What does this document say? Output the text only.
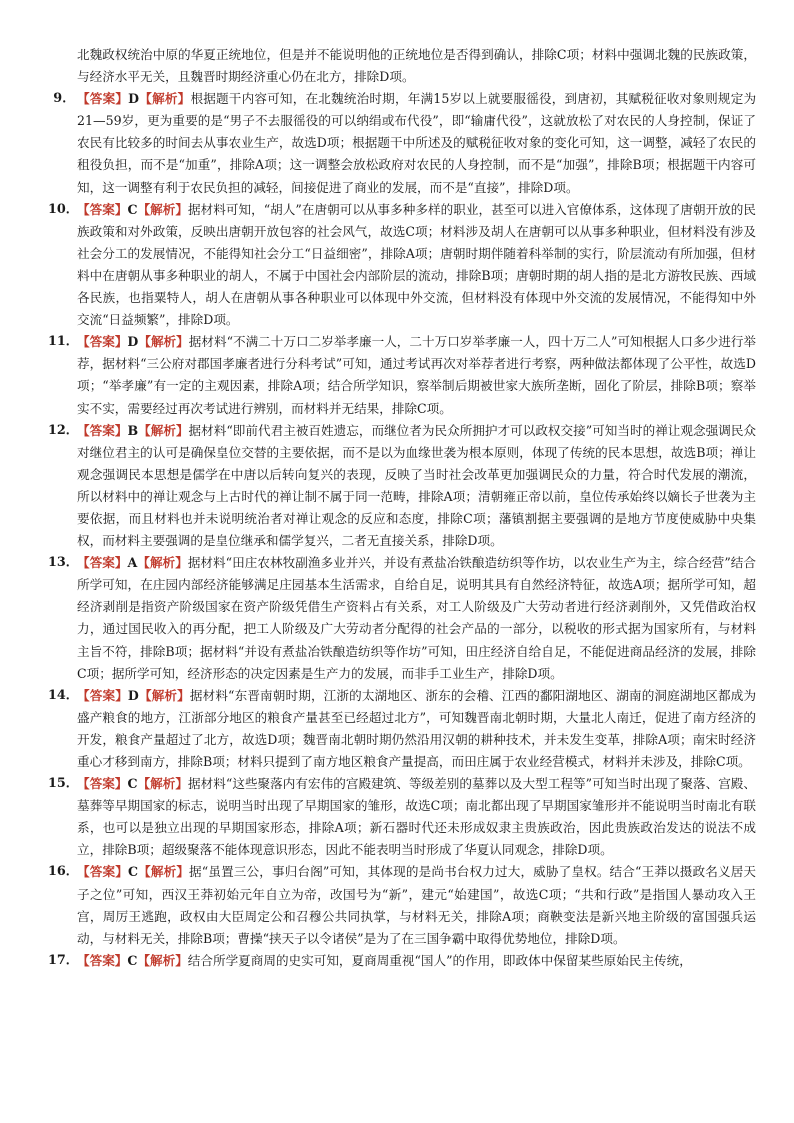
北魏政权统治中原的华夏正统地位，但是并不能说明他的正统地位是否得到确认，排除C项；材料中强调北魏的民族政策，与经济水平无关，且魏晋时期经济重心仍在北方，排除D项。

9． 【答案】D【解析】根据题干内容可知，在北魏统治时期，年满15岁以上就要服徭役，到唐初，其赋税征收对象则规定为21—59岁，更为重要的是“男子不去服徭役的可以纳绢或布代役”，即“输庸代役”，这就放松了对农民的人身控制，保证了农民有比较多的时间去从事农业生产，故选D项；根据题干中所述及的赋税征收对象的变化可知，这一调整，减轻了农民的租役负担，而不是“加重”，排除A项；这一调整会放松政府对农民的人身控制，而不是“加强”，排除B项；根据题干内容可知，这一调整有利于农民负担的减轻，间接促进了商业的发展，而不是“直接”，排除D项。

10．

【答案】C【解析】据材料可知，“胡人”在唐朝可以从事多种多样的职业，甚至可以进入官僚体系，这体现了唐朝开放的民族政策和对外政策，反映出唐朝开放包容的社会风气，故选C项；材料涉及胡人在唐朝可以从事多种职业，但材料没有涉及社会分工的发展情况，不能得知社会分工“日益细密”，排除A项；唐朝时期伴随着科举制的实行，阶层流动有所加强，但材料中在唐朝从事多种职业的胡人，不属于中国社会内部阶层的流动，排除B项；唐朝时期的胡人指的是北方游牧民族、西域各民族，也指粟特人，胡人在唐朝从事各种职业可以体现中外交流，但材料没有体现中外交流的发展情况，不能得知中外交流“日益频繁”，排除D项。

11．

【答案】D【解析】据材料“不满二十万口二岁举孝廉一人，二十万口岁举孝廉一人，四十万二人”可知根据人口多少进行举荐，据材料“三公府对郡国孝廉者进行分科考试”可知，通过考试再次对举荐者进行考察，两种做法都体现了公平性，故选D项；“举孝廉”有一定的主观因素，排除A项；结合所学知识，察举制后期被世家大族所垄断，固化了阶层，排除B项；察举实不实，需要经过再次考试进行辨别，而材料并无结果，排除C项。

12．

【答案】B【解析】据材料“即前代君主被百姓遗忘，而继位者为民众所拥护才可以政权交接”可知当时的禅让观念强调民众对继位君主的认可是确保皇位交替的主要依据，而不是以为血缘世袭为根本原则，体现了传统的民本思想，故选B项；禅让观念强调民本思想是儒学在中唐以后转向复兴的表现，反映了当时社会改革更加强调民众的力量，符合时代发展的潮流，所以材料中的禅让观念与上古时代的禅让制不属于同一范畴，排除A项；清朝雍正帝以前，皇位传承始终以嫡长子世袭为主要依据，而且材料也并未说明统治者对禅让观念的反应和态度，排除C项；藩镇割据主要强调的是地方节度使威胁中央集权，而材料主要强调的是皇位继承和儒学复兴，二者无直接关系，排除D项。

13．

【答案】A【解析】据材料“田庄农林牧副渔多业并兴，并设有煮盐冶铁酿造纺织等作坊，以农业生产为主，综合经营”结合所学可知，在庄园内部经济能够满足庄园基本生活需求，自给自足，说明其具有自然经济特征，故选A项；据所学可知，超经济剥削是指资产阶级国家在资产阶级凭借生产资料占有关系，对工人阶级及广大劳动者进行经济剥削外，又凭借政治权力，通过国民收入的再分配，把工人阶级及广大劳动者分配得的社会产品的一部分，以税收的形式据为国家所有，与材料主旨不符，排除B项；据材料“并设有煮盐冶铁酿造纺织等作坊”可知，田庄经济自给自足，不能促进商品经济的发展，排除C项；据所学可知，经济形态的决定因素是生产力的发展，而非手工业生产，排除D项。

14．

【答案】D【解析】据材料“东晋南朝时期，江浙的太湖地区、浙东的会稽、江西的鄱阳湖地区、湖南的洞庭湖地区都成为盛产粮食的地方，江浙部分地区的粮食产量甚至已经超过北方”，可知魏晋南北朝时期，大量北人南迁，促进了南方经济的开发，粮食产量超过了北方，故选D项；魏晋南北朝时期仍然沿用汉朝的耕种技术，并未发生变革，排除A项；南宋时经济重心才移到南方，排除B项；材料只提到了南方地区粮食产量提高，而田庄属于农业经营模式，材料并未涉及，排除C项。

15．

【答案】C【解析】据材料“这些聚落内有宏伟的宫殿建筑、等级差别的墓葬以及大型工程等”可知当时出现了聚落、宫殿、墓葬等早期国家的标志，说明当时出现了早期国家的雏形，故选C项；南北都出现了早期国家雏形并不能说明当时南北有联系，也可以是独立出现的早期国家形态，排除A项；新石器时代还未形成奴隶主贵族政治，因此贵族政治发达的说法不成立，排除B项；超级聚落不能体现意识形态，因此不能表明当时形成了华夏认同观念，排除D项。

16．

【答案】C【解析】据“虽置三公，事归台阁”可知，其体现的是尚书台权力过大，威胁了皇权。结合“王莽以摄政名义居天子之位”可知，西汉王莽初始元年自立为帝，改国号为“新”，建元“始建国”，故选C项；“共和行政”是指国人暴动攻入王宫，周厉王逃跑，政权由大臣周定公和召穆公共同执掌，与材料无关，排除A项；商鞅变法是新兴地主阶级的富国强兵运动，与材料无关，排除B项；曹操“挟天子以令诸侯”是为了在三国争霸中取得优势地位，排除D项。

17．

【答案】C【解析】结合所学夏商周的史实可知，夏商周重视“国人”的作用，即政体中保留某些原始民主传统，
